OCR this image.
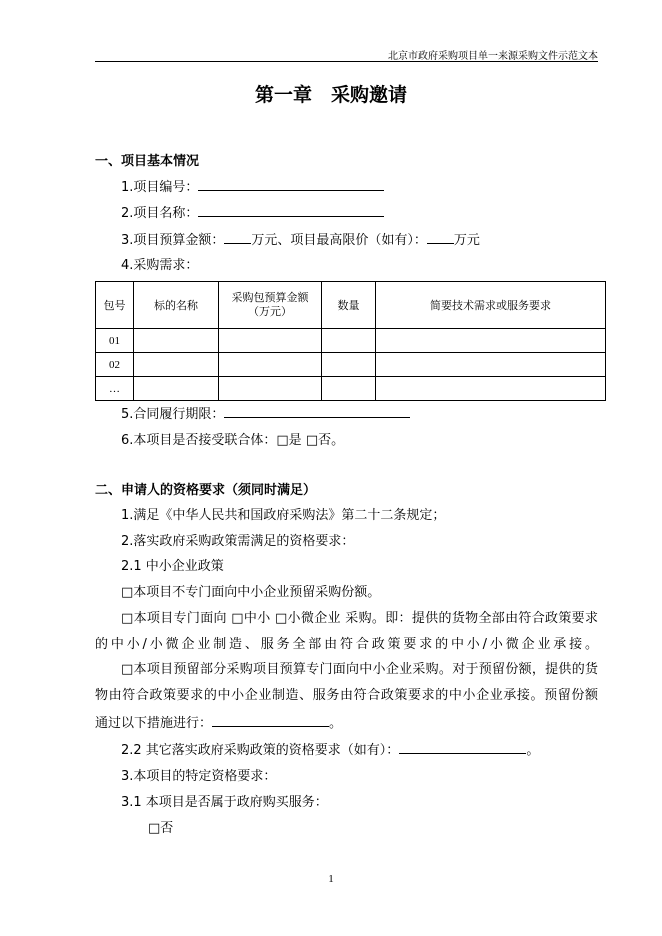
北京市政府采购项目单一来源采购文件示范文本
第一章　采购邀请
一、项目基本情况
1.项目编号：
2.项目名称：
3.项目预算金额： 万元、项目最高限价（如有）： 万元
4.采购需求：
包号	标的名称	采购包预算金额（万元）	数量	简要技术需求或服务要求
01				
02				
…				
5.合同履行期限：
6.本项目是否接受联合体：□是 □否。
二、申请人的资格要求（须同时满足）
1.满足《中华人民共和国政府采购法》第二十二条规定；
2.落实政府采购政策需满足的资格要求：
2.1 中小企业政策
□本项目不专门面向中小企业预留采购份额。
□本项目专门面向 □中小 □小微企业 采购。即：提供的货物全部由符合政策要求
的中小/小微企业制造、服务全部由符合政策要求的中小/小微企业承接。
□本项目预留部分采购项目预算专门面向中小企业采购。对于预留份额，提供的货
物由符合政策要求的中小企业制造、服务由符合政策要求的中小企业承接。预留份额
通过以下措施进行：	。
2.2 其它落实政府采购政策的资格要求（如有）：	。
3.本项目的特定资格要求：
3.1 本项目是否属于政府购买服务：
□否
1
